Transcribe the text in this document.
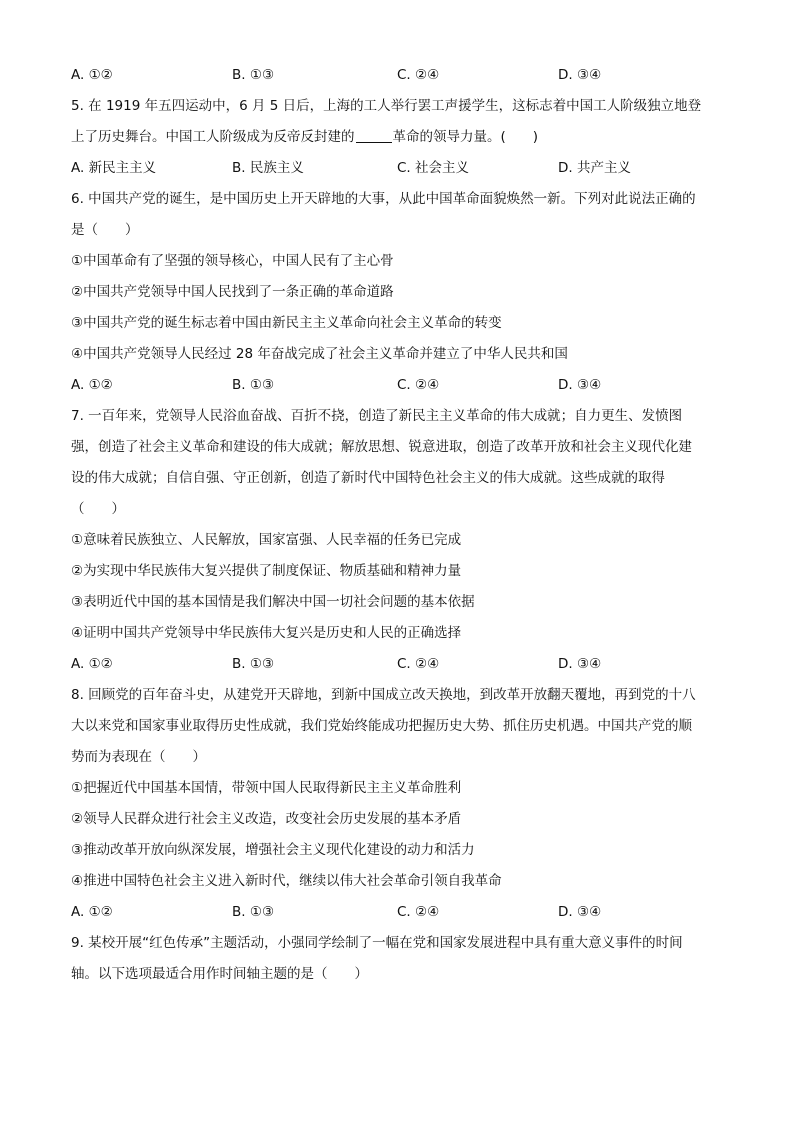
A. ①②	B. ①③	C. ②④	D. ③④
5. 在 1919 年五四运动中，6 月 5 日后，上海的工人举行罢工声援学生，这标志着中国工人阶级独立地登
上了历史舞台。中国工人阶级成为反帝反封建的	革命的领导力量。(　　)
A. 新民主主义	B. 民族主义	C. 社会主义	D. 共产主义
6. 中国共产党的诞生，是中国历史上开天辟地的大事，从此中国革命面貌焕然一新。下列对此说法正确的
是（　　）
①中国革命有了坚强的领导核心，中国人民有了主心骨
②中国共产党领导中国人民找到了一条正确的革命道路
③中国共产党的诞生标志着中国由新民主主义革命向社会主义革命的转变
④中国共产党领导人民经过 28 年奋战完成了社会主义革命并建立了中华人民共和国
A. ①②	B. ①③	C. ②④	D. ③④
7. 一百年来，党领导人民浴血奋战、百折不挠，创造了新民主主义革命的伟大成就；自力更生、发愤图
强，创造了社会主义革命和建设的伟大成就；解放思想、锐意进取，创造了改革开放和社会主义现代化建
设的伟大成就；自信自强、守正创新，创造了新时代中国特色社会主义的伟大成就。这些成就的取得
（　　）
①意味着民族独立、人民解放，国家富强、人民幸福的任务已完成
②为实现中华民族伟大复兴提供了制度保证、物质基础和精神力量
③表明近代中国的基本国情是我们解决中国一切社会问题的基本依据
④证明中国共产党领导中华民族伟大复兴是历史和人民的正确选择
A. ①②	B. ①③	C. ②④	D. ③④
8. 回顾党的百年奋斗史，从建党开天辟地，到新中国成立改天换地，到改革开放翻天覆地，再到党的十八
大以来党和国家事业取得历史性成就，我们党始终能成功把握历史大势、抓住历史机遇。中国共产党的顺
势而为表现在（　　）
①把握近代中国基本国情，带领中国人民取得新民主主义革命胜利
②领导人民群众进行社会主义改造，改变社会历史发展的基本矛盾
③推动改革开放向纵深发展，增强社会主义现代化建设的动力和活力
④推进中国特色社会主义进入新时代，继续以伟大社会革命引领自我革命
A. ①②	B. ①③	C. ②④	D. ③④
9. 某校开展“红色传承”主题活动，小强同学绘制了一幅在党和国家发展进程中具有重大意义事件的时间
轴。以下选项最适合用作时间轴主题的是（　　）
